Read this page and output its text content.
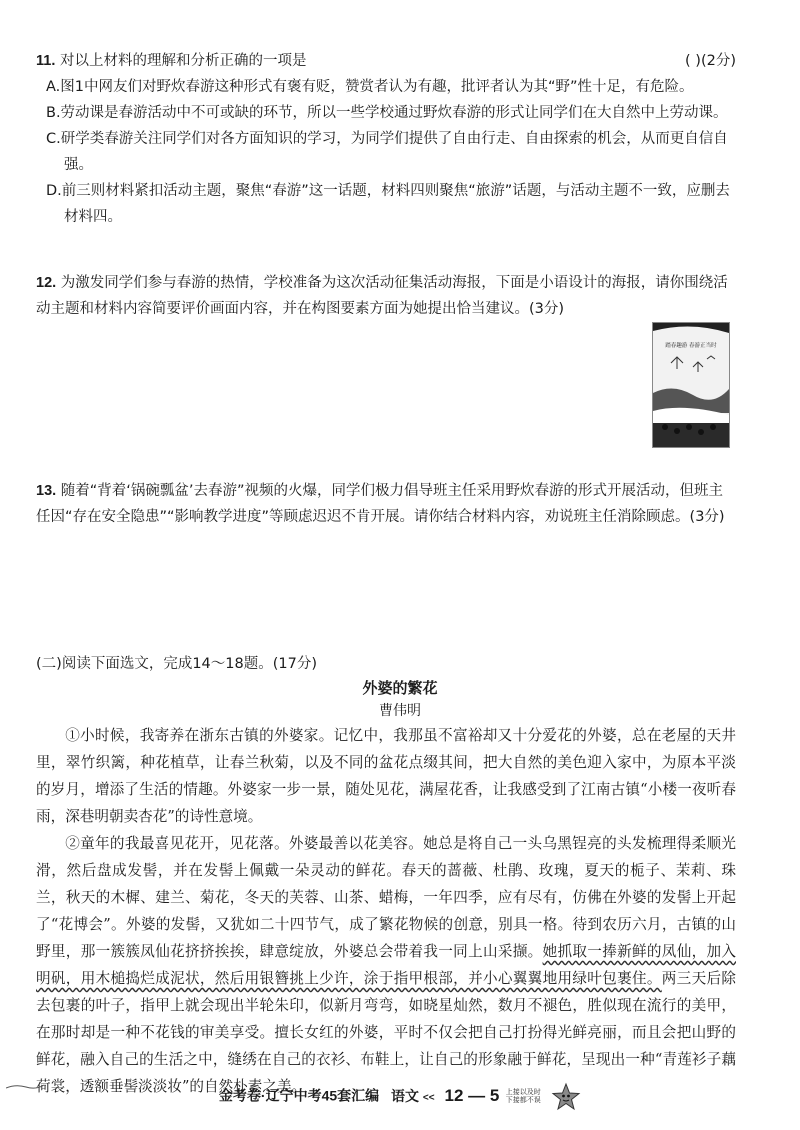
11. 对以上材料的理解和分析正确的一项是	( )(2分)

A.图1中网友们对野炊春游这种形式有褒有贬，赞赏者认为有趣，批评者认为其“野”性十足，有危险。

B.劳动课是春游活动中不可或缺的环节，所以一些学校通过野炊春游的形式让同学们在大自然中上劳动课。

C.研学类春游关注同学们对各方面知识的学习，为同学们提供了自由行走、自由探索的机会，从而更自信自强。

D.前三则材料紧扣活动主题，聚焦“春游”这一话题，材料四则聚焦“旅游”话题，与活动主题不一致，应删去材料四。

12. 为激发同学们参与春游的热情，学校准备为这次活动征集活动海报，下面是小语设计的海报，请你围绕活动主题和材料内容简要评价画面内容，并在构图要素方面为她提出恰当建议。(3分)

踏春趣游 春游正当时

13. 随着“背着‘锅碗瓢盆’去春游”视频的火爆，同学们极力倡导班主任采用野炊春游的形式开展活动，但班主任因“存在安全隐患”“影响教学进度”等顾虑迟迟不肯开展。请你结合材料内容，劝说班主任消除顾虑。(3分)

(二)阅读下面选文，完成14～18题。(17分)
外婆的繁花
曹伟明

①小时候，我寄养在浙东古镇的外婆家。记忆中，我那虽不富裕却又十分爱花的外婆，总在老屋的天井里，翠竹织篱，种花植草，让春兰秋菊，以及不同的盆花点缀其间，把大自然的美色迎入家中，为原本平淡的岁月，增添了生活的情趣。外婆家一步一景，随处见花，满屋花香，让我感受到了江南古镇“小楼一夜听春雨，深巷明朝卖杏花”的诗性意境。

②童年的我最喜见花开，见花落。外婆最善以花美容。她总是将自己一头乌黑锃亮的头发梳理得柔顺光滑，然后盘成发髻，并在发髻上佩戴一朵灵动的鲜花。春天的蔷薇、杜鹃、玫瑰，夏天的栀子、茉莉、珠兰，秋天的木樨、建兰、菊花，冬天的芙蓉、山茶、蜡梅，一年四季，应有尽有，仿佛在外婆的发髻上开起了“花博会”。外婆的发髻，又犹如二十四节气，成了繁花物候的创意，别具一格。待到农历六月，古镇的山野里，那一簇簇凤仙花挤挤挨挨，肆意绽放，外婆总会带着我一同上山采撷。她抓取一捧新鲜的凤仙，加入明矾，用木槌捣烂成泥状，然后用银簪挑上少许，涂于指甲根部，并小心翼翼地用绿叶包裹住。两三天后除去包裹的叶子，指甲上就会现出半轮朱印，似新月弯弯，如晓星灿然，数月不褪色，胜似现在流行的美甲，在那时却是一种不花钱的审美享受。擅长女红的外婆，平时不仅会把自己打扮得光鲜亮丽，而且会把山野的鲜花，融入自己的生活之中，缝绣在自己的衣衫、布鞋上，让自己的形象融于鲜花，呈现出一种“青莲衫子藕荷裳，透额垂髻淡淡妆”的自然朴素之美。

金考卷·辽宁中考45套汇编 语文 << 12 — 5 上接以及时 下接都不误
